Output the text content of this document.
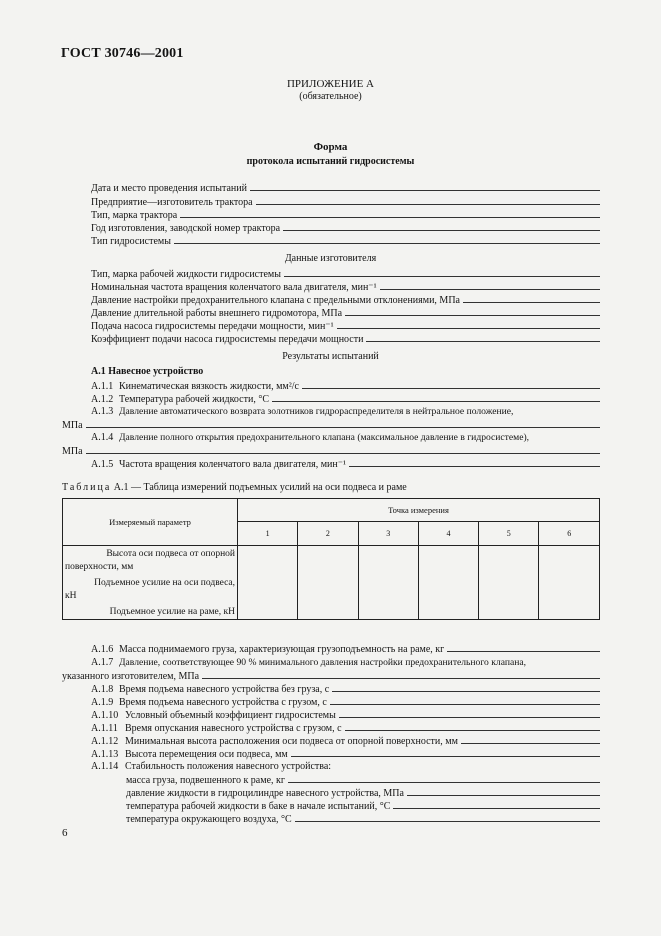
ГОСТ 30746—2001
ПРИЛОЖЕНИЕ А
(обязательное)
Форма
протокола испытаний гидросистемы
Дата и место проведения испытаний
Предприятие—изготовитель трактора
Тип, марка трактора
Год изготовления, заводской номер трактора
Тип гидросистемы
Данные изготовителя
Тип, марка рабочей жидкости гидросистемы
Номинальная частота вращения коленчатого вала двигателя, мин⁻¹
Давление настройки предохранительного клапана с предельными отклонениями, МПа
Давление длительной работы внешнего гидромотора, МПа
Подача насоса гидросистемы передачи мощности, мин⁻¹
Коэффициент подачи насоса гидросистемы передачи мощности
Результаты испытаний
А.1 Навесное устройство
А.1.1 Кинематическая вязкость жидкости, мм²/с
А.1.2 Температура рабочей жидкости, °С
А.1.3 Давление автоматического возврата золотников гидрораспределителя в нейтральное положение,
МПа
А.1.4 Давление полного открытия предохранительного клапана (максимальное давление в гидросистеме),
МПа
А.1.5 Частота вращения коленчатого вала двигателя, мин⁻¹
Таблица А.1 — Таблица измерений подъемных усилий на оси подвеса и раме
Измеряемый параметр	Точка измерения					
	1	2	3	4	5	6

Высота оси подвеса от опорной
поверхности, мм
Подъемное усилие на оси подвеса,
кН
Подъемное усилие на раме, кН						

А.1.6 Масса поднимаемого груза, характеризующая грузоподъемность на раме, кг
А.1.7 Давление, соответствующее 90 % минимального давления настройки предохранительного клапана,
указанного изготовителем, МПа
А.1.8 Время подъема навесного устройства без груза, с
А.1.9 Время подъема навесного устройства с грузом, с
А.1.10 Условный объемный коэффициент гидросистемы
А.1.11 Время опускания навесного устройства с грузом, с
А.1.12 Минимальная высота расположения оси подвеса от опорной поверхности, мм
А.1.13 Высота перемещения оси подвеса, мм
А.1.14 Стабильность положения навесного устройства:
масса груза, подвешенного к раме, кг
давление жидкости в гидроцилиндре навесного устройства, МПа
температура рабочей жидкости в баке в начале испытаний, °С
температура окружающего воздуха, °С
6
